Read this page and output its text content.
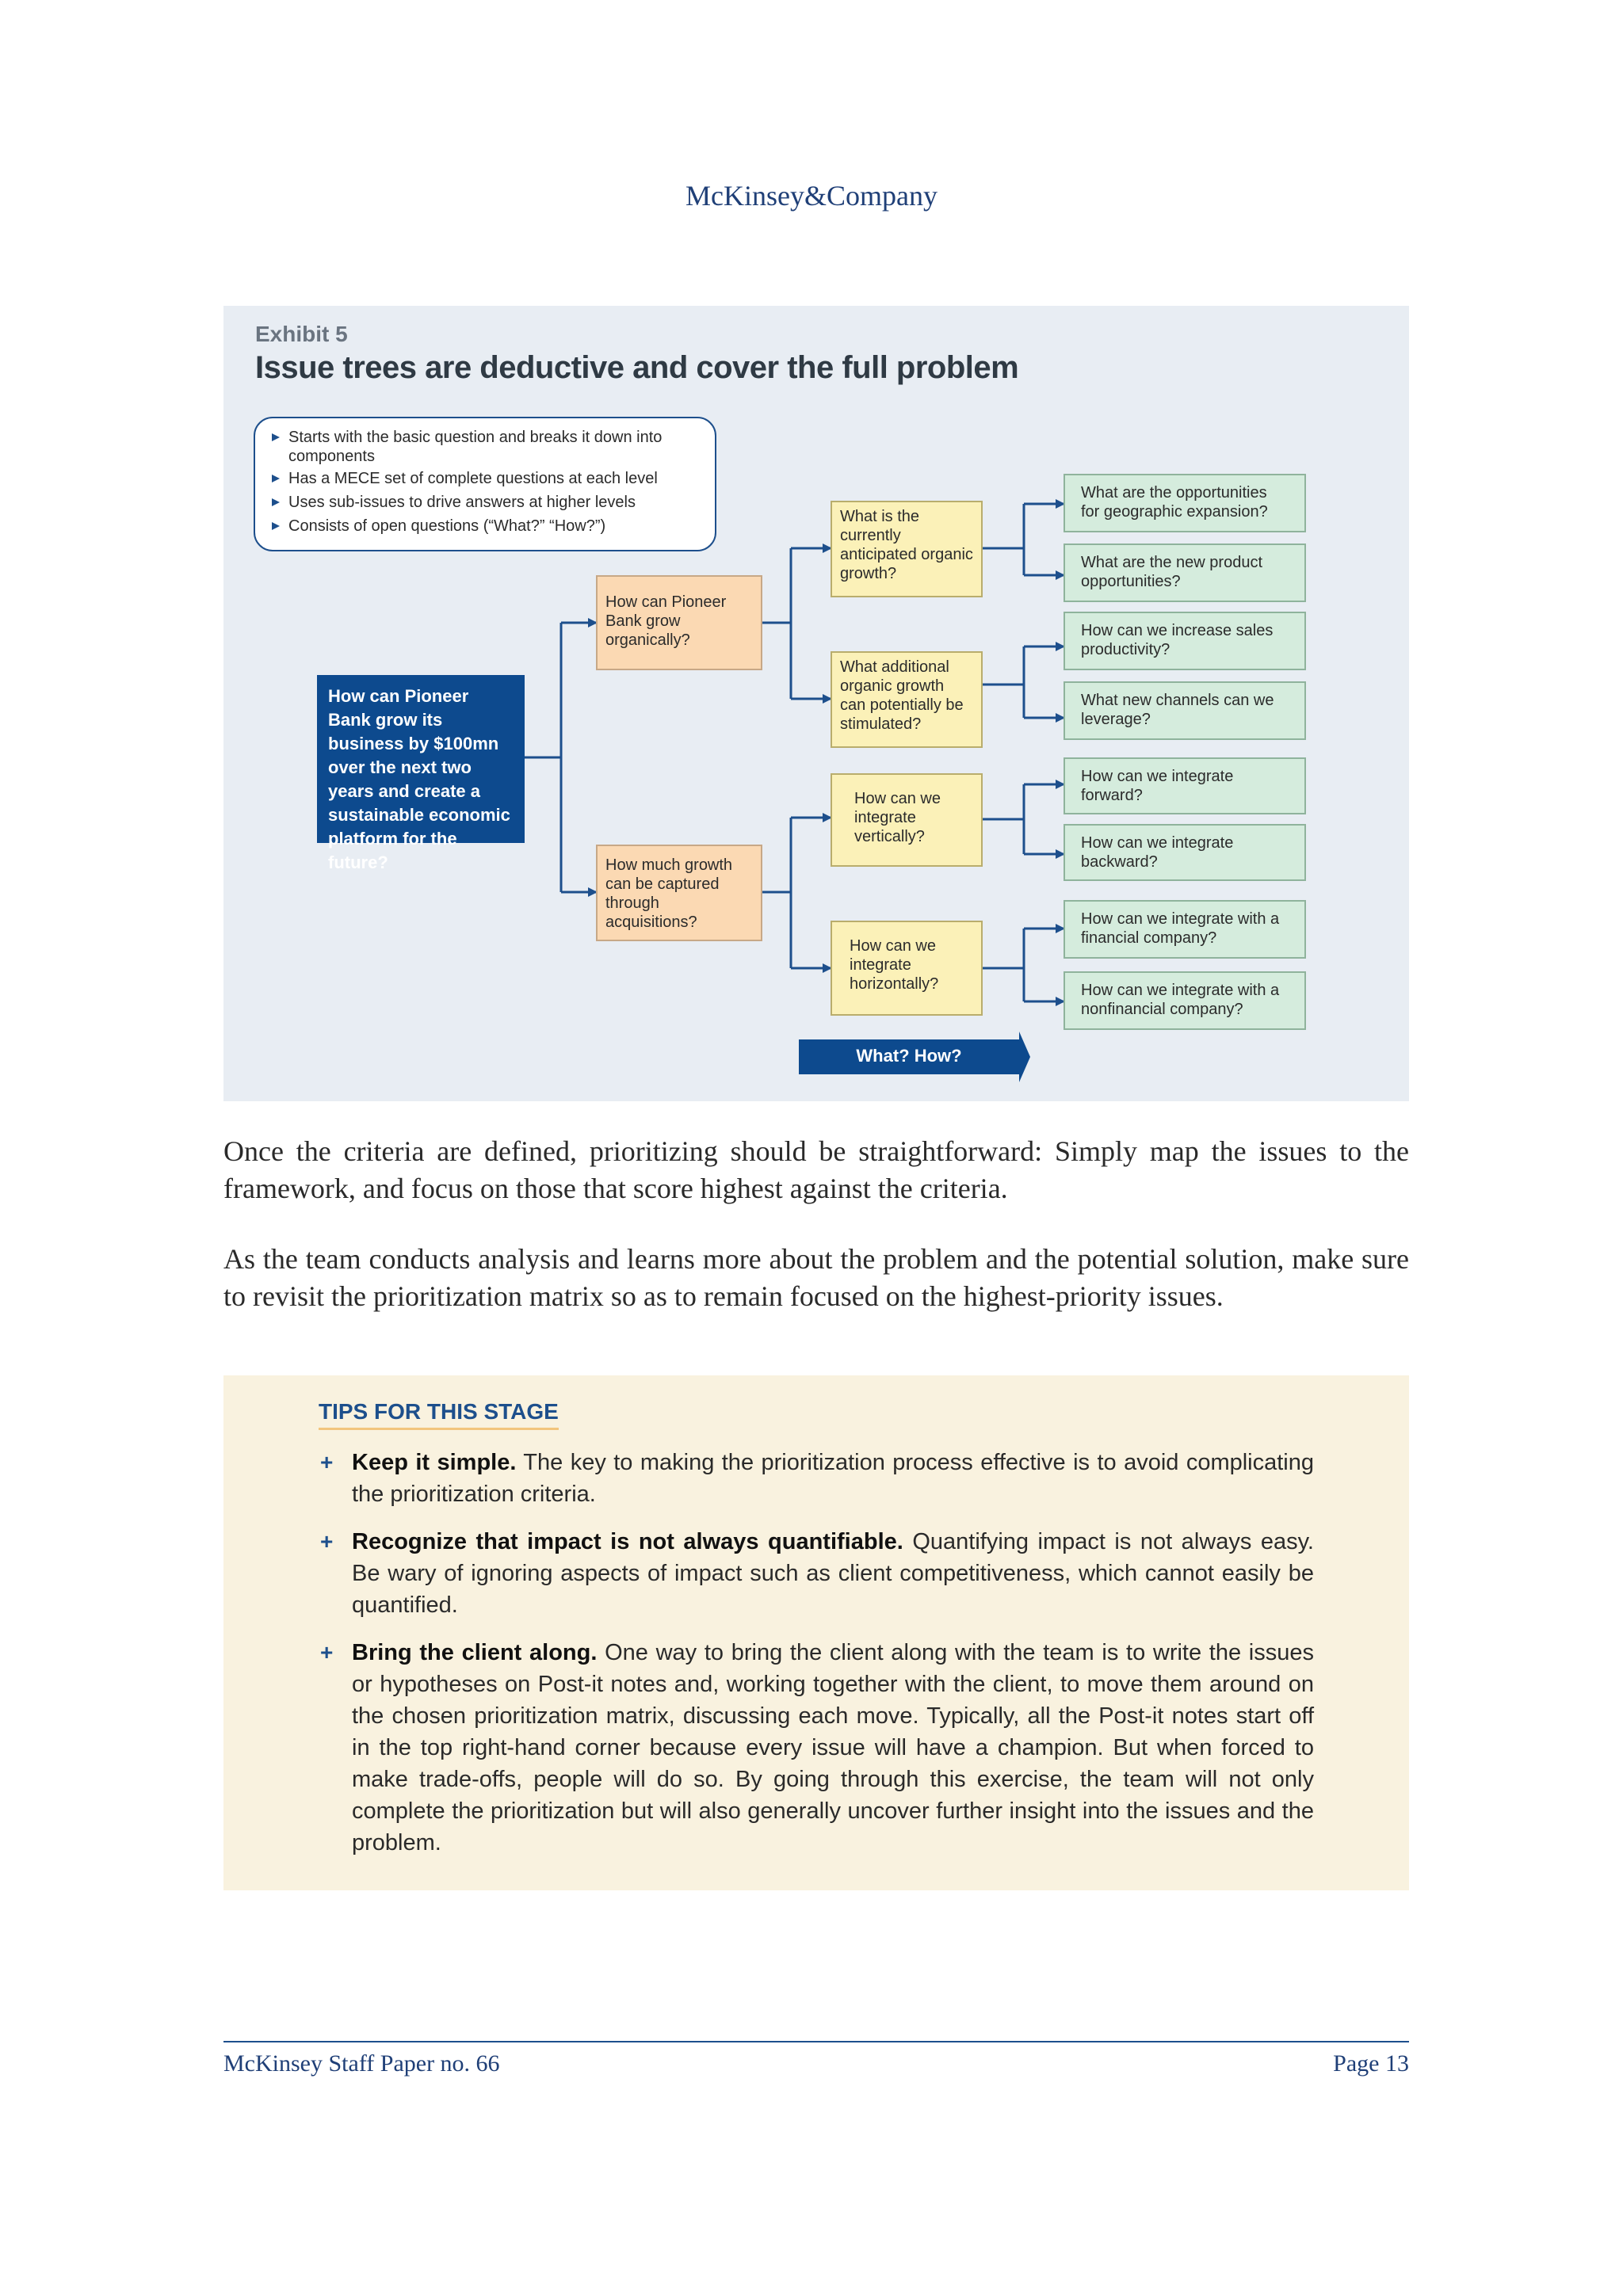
McKinsey&Company
Exhibit 5
Issue trees are deductive and cover the full problem
Starts with the basic question and breaks it down into components
Has a MECE set of complete questions at each level
Uses sub-issues to drive answers at higher levels
Consists of open questions (“What?” “How?”)
How can Pioneer Bank grow its business by $100mn over the next two years and create a sustainable economic platform for the future?
How can Pioneer Bank grow organically?
How much growth can be captured through acquisitions?
What is the currently anticipated organic growth?
What additional organic growth can potentially be stimulated?
How can we integrate vertically?
How can we integrate horizontally?
What are the opportunities for geographic expansion?
What are the new product opportunities?
How can we increase sales productivity?
What new channels can we leverage?
How can we integrate forward?
How can we integrate backward?
How can we integrate with a financial company?
How can we integrate with a nonfinancial company?
What? How?
Once the criteria are defined, prioritizing should be straightforward: Simply map the issues to the framework, and focus on those that score highest against the criteria.
As the team conducts analysis and learns more about the problem and the potential solution, make sure to revisit the prioritization matrix so as to remain focused on the highest-priority issues.
TIPS FOR THIS STAGE
+ Keep it simple. The key to making the prioritization process effective is to avoid complicating the prioritization criteria.
+ Recognize that impact is not always quantifiable. Quantifying impact is not always easy. Be wary of ignoring aspects of impact such as client competitiveness, which cannot easily be quantified.
+ Bring the client along. One way to bring the client along with the team is to write the issues or hypotheses on Post-it notes and, working together with the client, to move them around on the chosen prioritization matrix, discussing each move. Typically, all the Post-it notes start off in the top right-hand corner because every issue will have a champion. But when forced to make trade-offs, people will do so. By going through this exercise, the team will not only complete the prioritization but will also generally uncover further insight into the issues and the problem.
McKinsey Staff Paper no. 66	Page 13
